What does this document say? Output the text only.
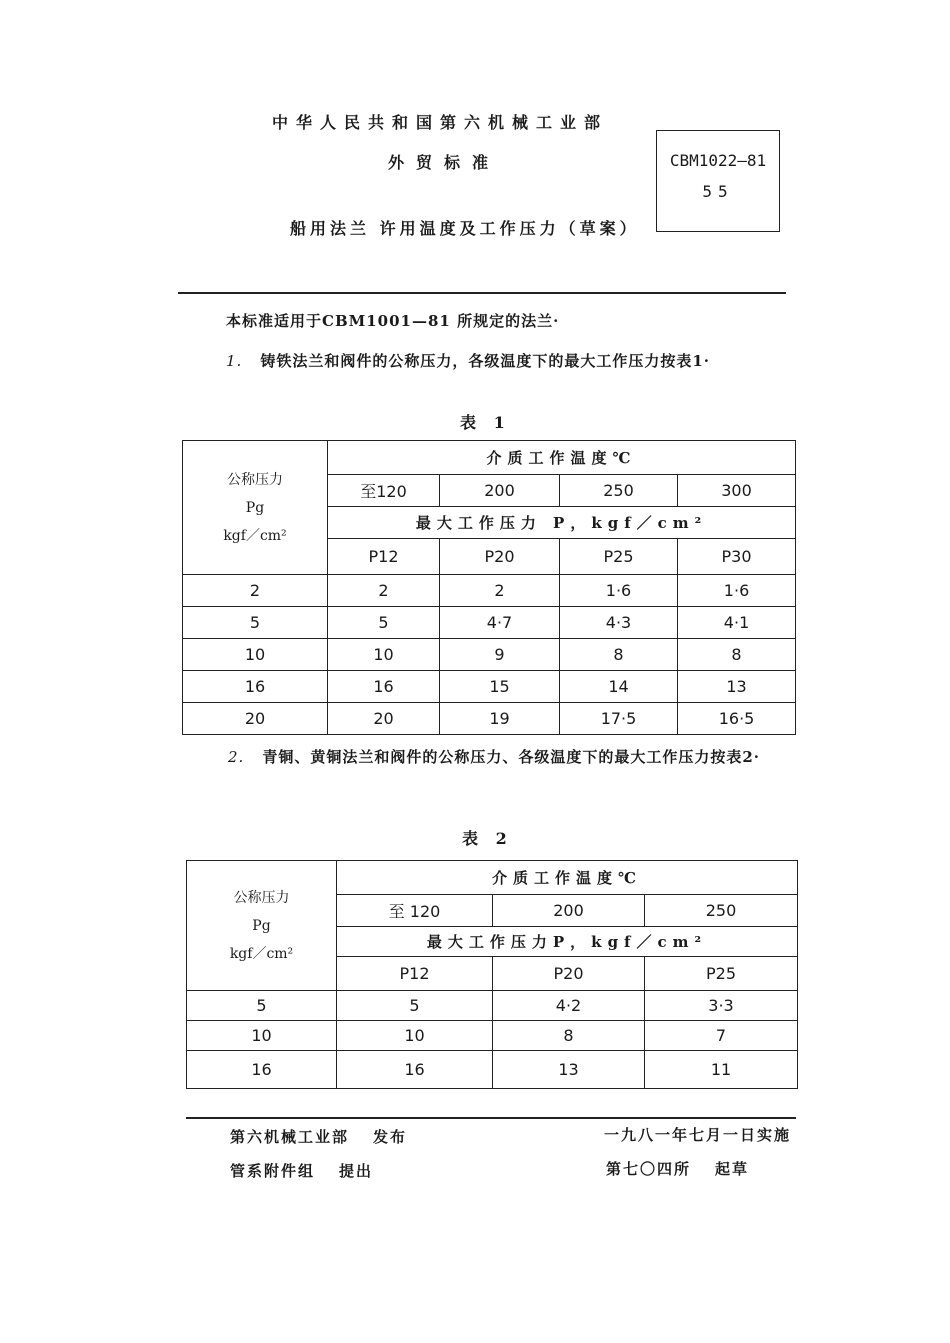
中华人民共和国第六机械工业部
外贸标准
船用法兰 许用温度及工作压力（草案）
CBM1022—81
55
本标准适用于CBM1001—81 所规定的法兰·
1. 铸铁法兰和阀件的公称压力，各级温度下的最大工作压力按表1·
表 1
公称压力
Pg
kgf／cm²	介质工作温度℃			
	至120	200	250	300
	最大工作压力 P，kgf／cm²			
	P12	P20	P25	P30
2	2	2	1·6	1·6
5	5	4·7	4·3	4·1
10	10	9	8	8
16	16	15	14	13
20	20	19	17·5	16·5
2. 青铜、黄铜法兰和阀件的公称压力、各级温度下的最大工作压力按表2·
表 2
公称压力
Pg
kgf／cm²	介质工作温度℃		
	至 120	200	250
	最大工作压力P，kgf／cm²		
	P12	P20	P25
5	5	4·2	3·3
10	10	8	7
16	16	13	11
第六机械工业部 发布
管系附件组 提出
一九八一年七月一日实施
第七〇四所 起草
